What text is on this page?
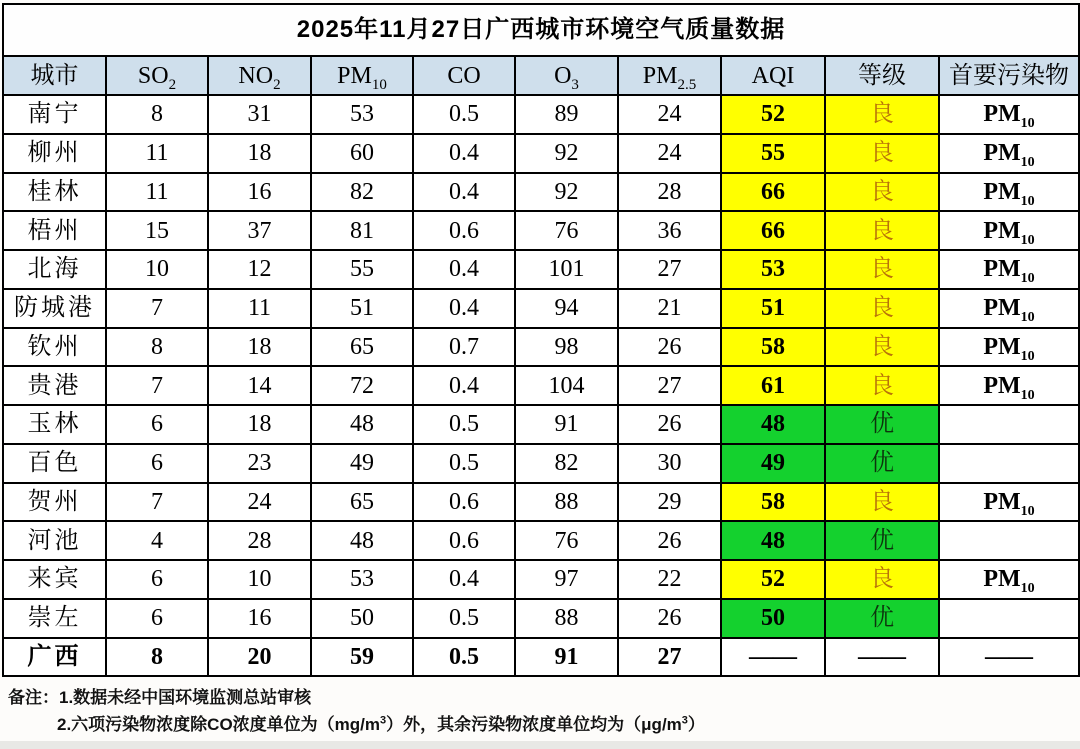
2025年11月27日广西城市环境空气质量数据									
城市	$SO_2$	$NO_2$	$PM_{10}$	CO	$O_3$	$PM_{2.5}$	AQI	等级	首要污染物
南宁	8	31	53	0.5	89	24	52	良	$PM_{10}$
柳州	11	18	60	0.4	92	24	55	良	$PM_{10}$
桂林	11	16	82	0.4	92	28	66	良	$PM_{10}$
梧州	15	37	81	0.6	76	36	66	良	$PM_{10}$
北海	10	12	55	0.4	101	27	53	良	$PM_{10}$
防城港	7	11	51	0.4	94	21	51	良	$PM_{10}$
钦州	8	18	65	0.7	98	26	58	良	$PM_{10}$
贵港	7	14	72	0.4	104	27	61	良	$PM_{10}$
玉林	6	18	48	0.5	91	26	48	优	
百色	6	23	49	0.5	82	30	49	优	
贺州	7	24	65	0.6	88	29	58	良	$PM_{10}$
河池	4	28	48	0.6	76	26	48	优	
来宾	6	10	53	0.4	97	22	52	良	$PM_{10}$
崇左	6	16	50	0.5	88	26	50	优	
广西	8	20	59	0.5	91	27	——	——	——
备注：1.数据未经中国环境监测总站审核
2.六项污染物浓度除CO浓度单位为$(mg/m^3)$外，其余污染物浓度单位均为$(\mu g/m^3)$
